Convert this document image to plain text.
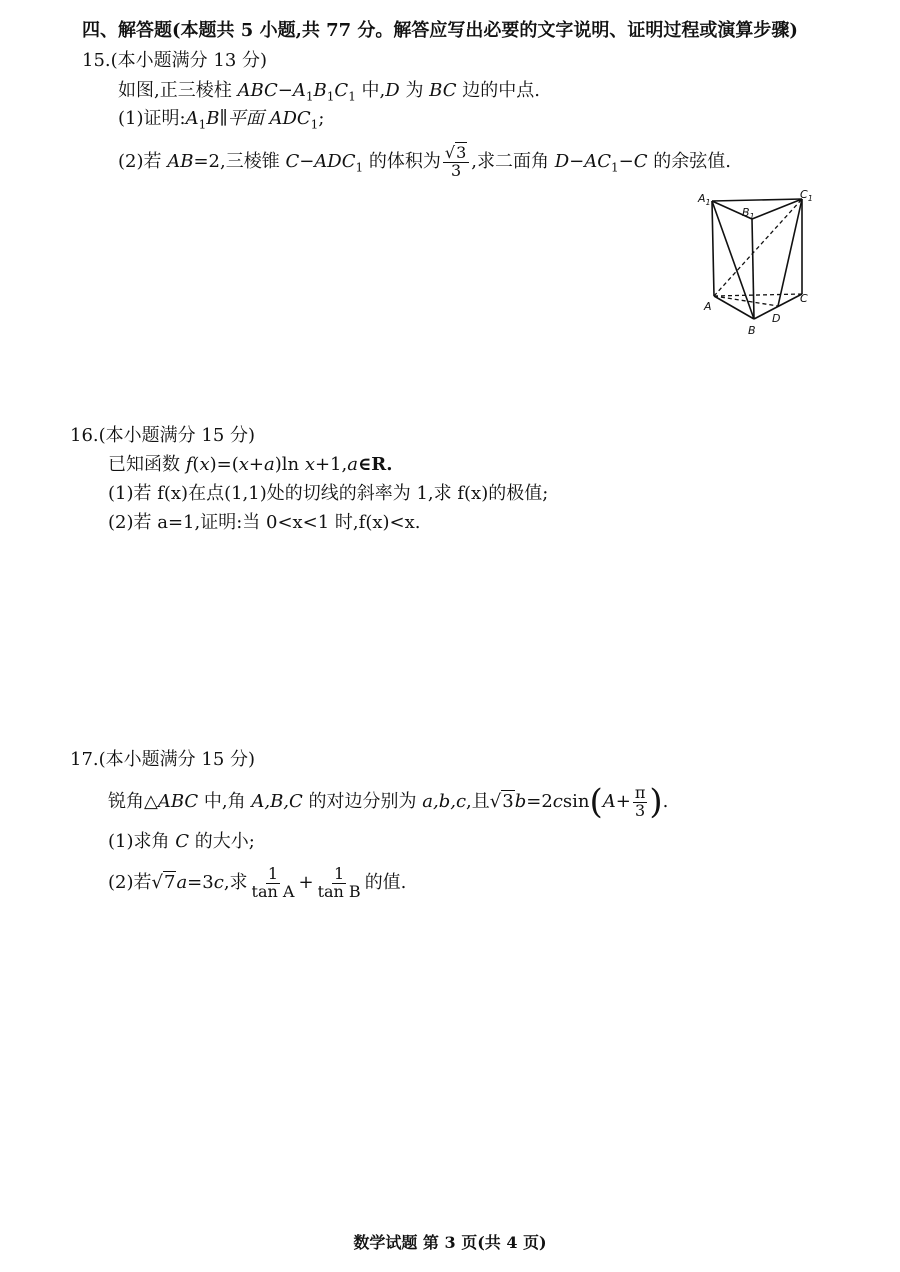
四、解答题(本题共 5 小题,共 77 分。解答应写出必要的文字说明、证明过程或演算步骤)
15.(本小题满分 13 分)
如图,正三棱柱 $ABC-A_1B_1C_1$ 中,D 为 BC 边的中点.
(1)证明$:A_1B\parallel$平面 $ADC_1$;
(2)若 AB=2,三棱锥 $C-ADC_1$ 的体积为 $\frac{√3}{3}$ ,求二面角 $D-AC_1-C$ 的余弦值.
$A_1$
$B_1$
$C_1$
A
B
C
D
16.(本小题满分 15 分)
已知函数 f(x)=(x+a)ln x+1,a∈R.
(1)若 f(x)在点(1,1)处的切线的斜率为 1,求 f(x)的极值;
(2)若 a=1,证明:当 0<x<1 时,f(x)<x.
17.(本小题满分 15 分)
锐角△ABC 中,角 A,B,C 的对边分别为 a,b,c,且$√3b=2csin(A+ \frac{\pi}{3}$ ).
(1)求角 C 的大小;
(2)若√7a=3c,求 $\frac{1}{\text{tan A}} + \frac{1}{\text{tan B}}$ 的值.
数学试题 第 3 页(共 4 页)
